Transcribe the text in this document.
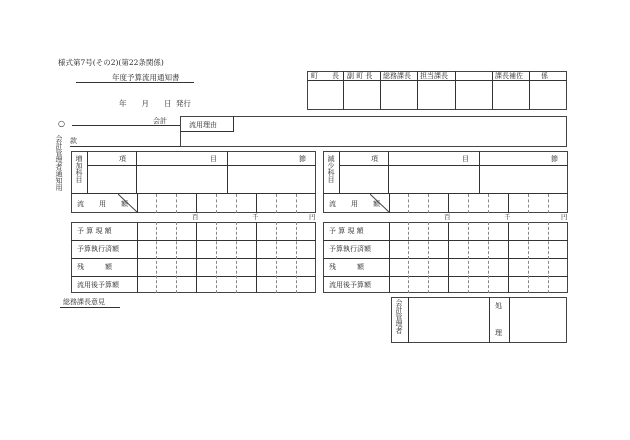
様式第7号(その2)(第22条関係)
年度予算流用通知書
年　　月　　日 発行
町　　長 副 町 長 総務課長 担当課長	課長補佐	係
○	会計
款
流用理由
会計管理者通知用 増加科目	項	目	節
流　用　額
百	千	円
予 算 現 額
予算執行済額
残　　　額
流用後予算額
減少科目	項	目	節
流　用　額
百	千	円
予 算 現 額
予算執行済額
残　　　額
流用後予算額
総務課長意見	会計管理者	処
理
